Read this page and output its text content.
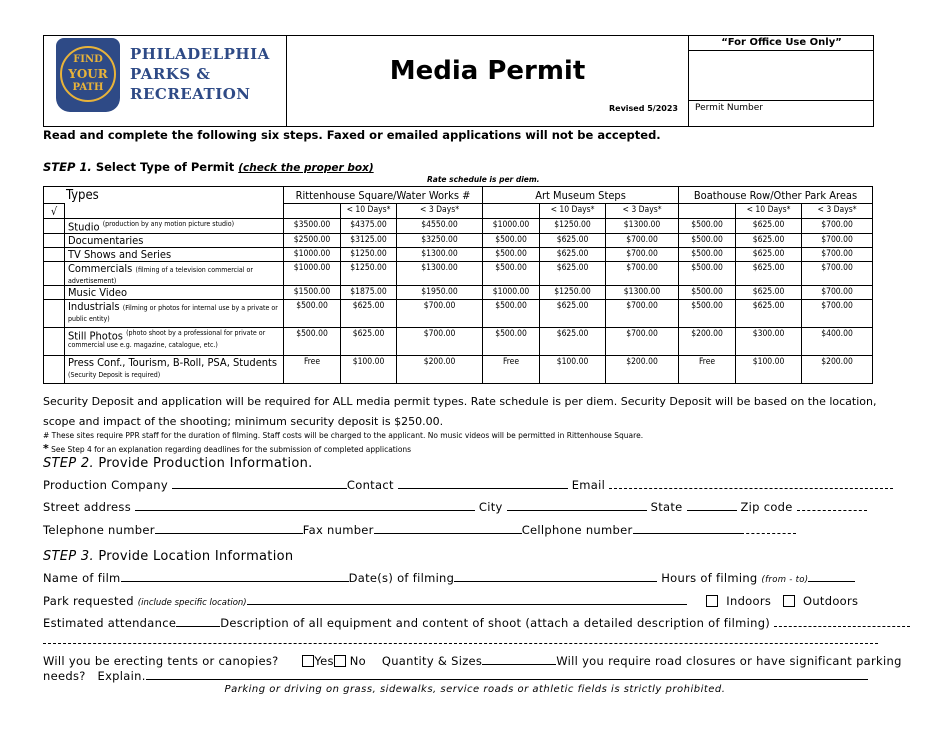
FIND
YOUR
PATH
PHILADELPHIA
PARKS &
RECREATION
Media Permit
Revised 5/2023
“For Office Use Only”
Permit Number
Read and complete the following six steps. Faxed or emailed applications will not be accepted.
STEP 1. Select Type of Permit (check the proper box)
Rate schedule is per diem.
Types		Rittenhouse Square/Water Works #			Art Museum Steps			Boathouse Row/Other Park Areas		
√			< 10 Days*	< 3 Days*		< 10 Days*	< 3 Days*		< 10 Days*	< 3 Days*
	Studio $^{(production by any motion picture studio)}$	$3500.00	$4375.00	$4550.00	$1000.00	$1250.00	$1300.00	$500.00	$625.00	$700.00
	Documentaries	$2500.00	$3125.00	$3250.00	$500.00	$625.00	$700.00	$500.00	$625.00	$700.00
	TV Shows and Series	$1000.00	$1250.00	$1300.00	$500.00	$625.00	$700.00	$500.00	$625.00	$700.00
	Commercials (filming of a television commercial or advertisement)	$1000.00	$1250.00	$1300.00	$500.00	$625.00	$700.00	$500.00	$625.00	$700.00
	Music Video	$1500.00	$1875.00	$1950.00	$1000.00	$1250.00	$1300.00	$500.00	$625.00	$700.00
	Industrials (Filming or photos for internal use by a private or public entity)	$500.00	$625.00	$700.00	$500.00	$625.00	$700.00	$500.00	$625.00	$700.00
	Still Photos $^{(photo shoot by a professional for private or commercial use e.g. magazine, catalogue, etc.)}$	$500.00	$625.00	$700.00	$500.00	$625.00	$700.00	$200.00	$300.00	$400.00
	Press Conf., Tourism, B-Roll, PSA, Students (Security Deposit is required)	Free	$100.00	$200.00	Free	$100.00	$200.00	Free	$100.00	$200.00
Security Deposit and application will be required for ALL media permit types. Rate schedule is per diem. Security Deposit will be based on the location, scope and impact of the shooting; minimum security deposit is $250.00.
# These sites require PPR staff for the duration of filming. Staff costs will be charged to the applicant. No music videos will be permitted in Rittenhouse Square.
* See Step 4 for an explanation regarding deadlines for the submission of completed applications
STEP 2. Provide Production Information.
Production Company	Contact	Email
Street address	City	State	Zip code
Telephone number	Fax number	Cellphone number
STEP 3. Provide Location Information
Name of film	Date(s) of filming	Hours of filming (from - to)
Park requested (include specific location)	Indoors	Outdoors
Estimated attendance	Description of all equipment and content of shoot (attach a detailed description of filming)
Will you be erecting tents or canopies?	Yes No Quantity & Sizes	Will you require road closures or have significant parking needs? Explain.
Parking or driving on grass, sidewalks, service roads or athletic fields is strictly prohibited.
